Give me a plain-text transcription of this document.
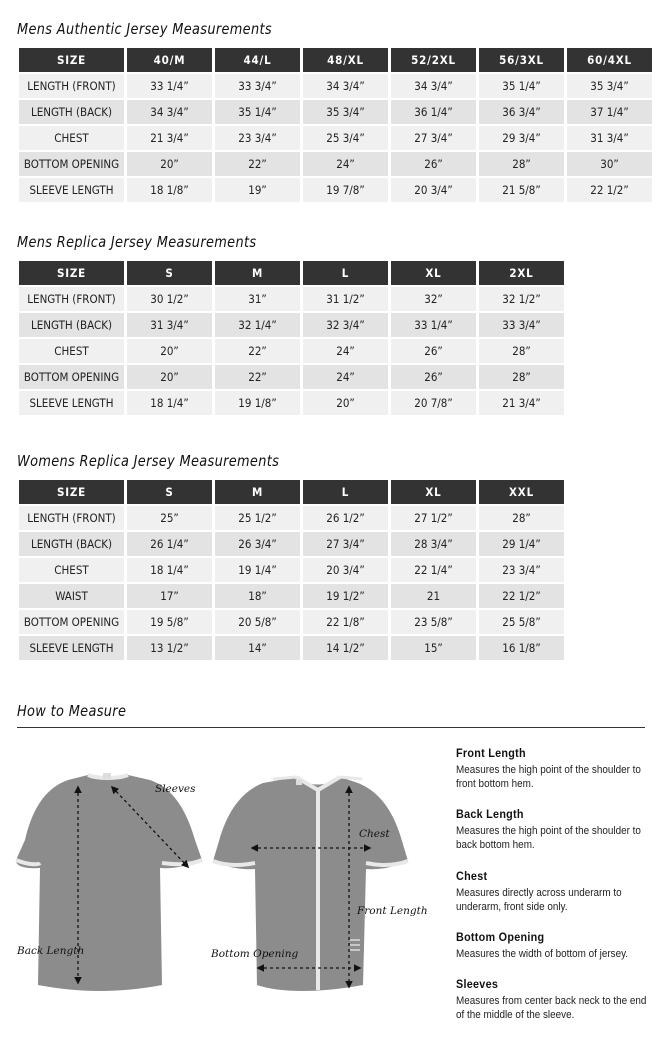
Mens Authentic Jersey Measurements
SIZE	40/M	44/L	48/XL	52/2XL	56/3XL	60/4XL
LENGTH (FRONT)	33 1/4”	33 3/4”	34 3/4”	34 3/4”	35 1/4”	35 3/4”
LENGTH (BACK)	34 3/4”	35 1/4”	35 3/4”	36 1/4”	36 3/4”	37 1/4”
CHEST	21 3/4”	23 3/4”	25 3/4”	27 3/4”	29 3/4”	31 3/4”
BOTTOM OPENING	20”	22”	24”	26”	28”	30”
SLEEVE LENGTH	18 1/8”	19”	19 7/8”	20 3/4”	21 5/8”	22 1/2”
Mens Replica Jersey Measurements
SIZE	S	M	L	XL	2XL
LENGTH (FRONT)	30 1/2”	31”	31 1/2”	32”	32 1/2”
LENGTH (BACK)	31 3/4”	32 1/4”	32 3/4”	33 1/4”	33 3/4”
CHEST	20”	22”	24”	26”	28”
BOTTOM OPENING	20”	22”	24”	26”	28”
SLEEVE LENGTH	18 1/4”	19 1/8”	20”	20 7/8”	21 3/4”
Womens Replica Jersey Measurements
SIZE	S	M	L	XL	XXL
LENGTH (FRONT)	25”	25 1/2”	26 1/2”	27 1/2”	28”
LENGTH (BACK)	26 1/4”	26 3/4”	27 3/4”	28 3/4”	29 1/4”
CHEST	18 1/4”	19 1/4”	20 3/4”	22 1/4”	23 3/4”
WAIST	17”	18”	19 1/2”	21	22 1/2”
BOTTOM OPENING	19 5/8”	20 5/8”	22 1/8”	23 5/8”	25 5/8”
SLEEVE LENGTH	13 1/2”	14”	14 1/2”	15”	16 1/8”
How to Measure
Sleeves
Back Length
Chest
Front Length
Bottom Opening
Front Length
Measures the high point of the shoulder to front bottom hem.
Back Length
Measures the high point of the shoulder to back bottom hem.
Chest
Measures directly across underarm to underarm, front side only.
Bottom Opening
Measures the width of bottom of jersey.
Sleeves
Measures from center back neck to the end of the middle of the sleeve.
